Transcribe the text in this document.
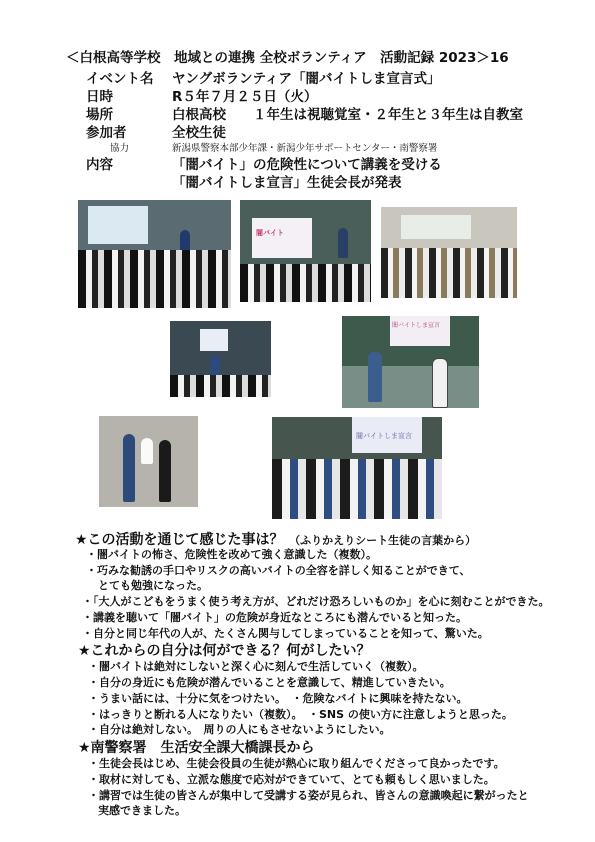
＜白根高等学校　地域との連携 全校ボランティア　活動記録 2023＞16
イベント名	ヤングボランティア「闇バイトしま宣言式」
日時	R５年７月２５日（火）
場所	白根高校　　１年生は視聴覚室・２年生と３年生は自教室
参加者	全校生徒
協力	新潟県警察本部少年課・新潟少年サポートセンター・南警察署
内容	「闇バイト」の危険性について講義を受ける
「闇バイトしま宣言」生徒会長が発表
闇バイト
闇バイトしま宣言
闇バイトしま宣言
★この活動を通じて感じた事は？ （ふりかえりシート生徒の言葉から）
・闇バイトの怖さ、危険性を改めて強く意識した（複数）。
・巧みな勧誘の手口やリスクの高いバイトの全容を詳しく知ることができて、
とても勉強になった。
・「大人がこどもをうまく使う考え方が、どれだけ恐ろしいものか」を心に刻むことができた。
・講義を聴いて「闇バイト」の危険が身近なところにも潜んでいると知った。
・自分と同じ年代の人が、たくさん関与してしまっていることを知って、驚いた。
★これからの自分は何ができる？何がしたい？
・闇バイトは絶対にしないと深く心に刻んで生活していく（複数）。
・自分の身近にも危険が潜んでいることを意識して、精進していきたい。
・うまい話には、十分に気をつけたい。　・危険なバイトに興味を持たない。
・はっきりと断れる人になりたい（複数）。　・SNS の使い方に注意しようと思った。
・自分は絶対しない。　周りの人にもさせないようにしたい。
★南警察署　生活安全課大橋課長から
・生徒会長はじめ、生徒会役員の生徒が熱心に取り組んでくださって良かったです。
・取材に対しても、立派な態度で応対ができていて、とても頼もしく思いました。
・講習では生徒の皆さんが集中して受講する姿が見られ、皆さんの意識喚起に繋がったと
実感できました。
